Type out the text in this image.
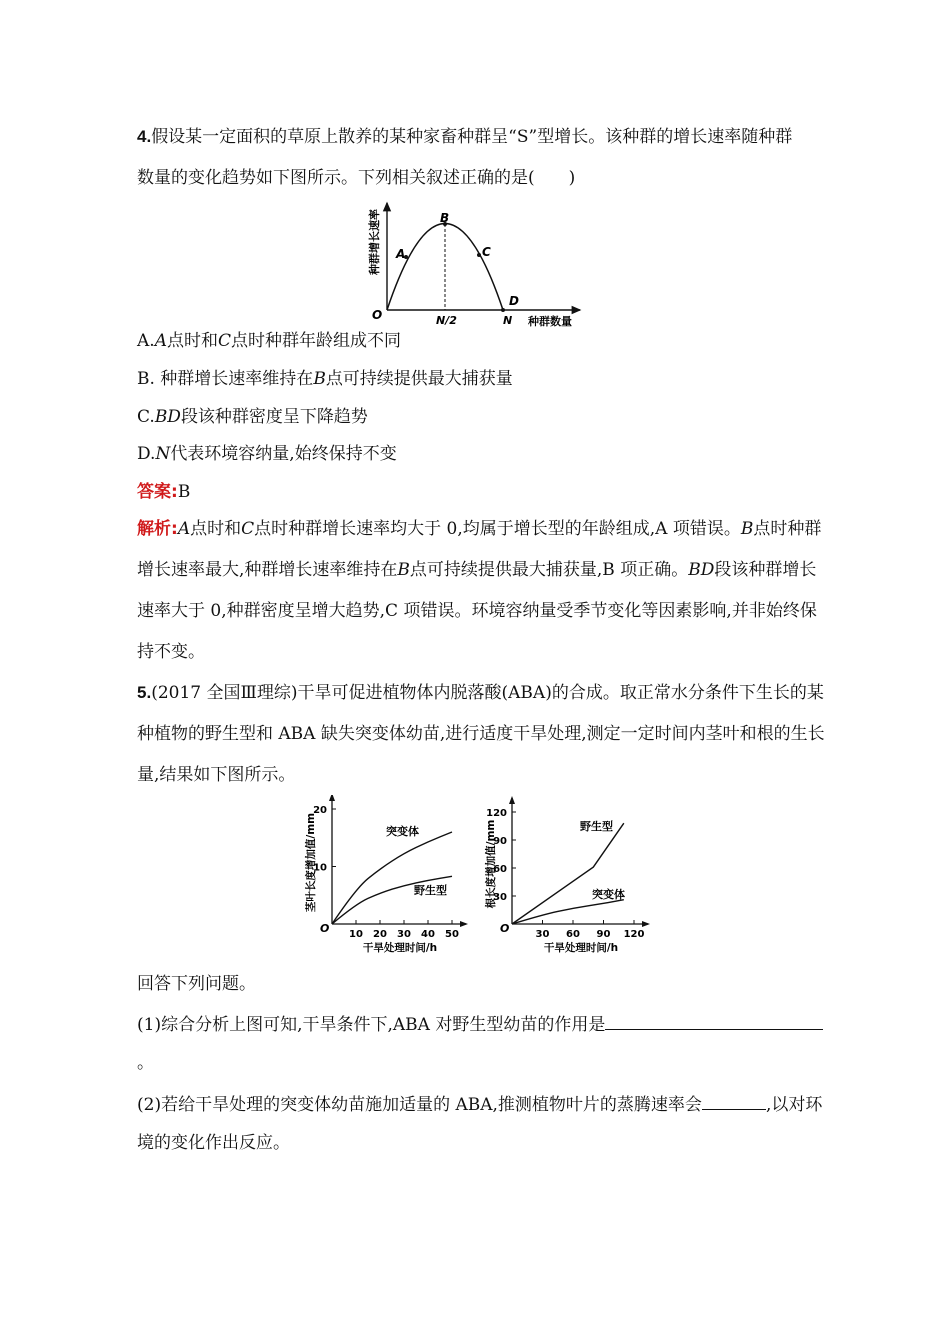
4.假设某一定面积的草原上散养的某种家畜种群呈“S”型增长。该种群的增长速率随种群
数量的变化趋势如下图所示。下列相关叙述正确的是(　　)
A
B
C
D
O	N/2	N 种群数量
种群增长速率
A.A点时和C点时种群年龄组成不同
B. 种群增长速率维持在B点可持续提供最大捕获量
C.BD段该种群密度呈下降趋势
D.N代表环境容纳量,始终保持不变
答案:B
解析:A点时和C点时种群增长速率均大于 0,均属于增长型的年龄组成,A 项错误。B点时种群
增长速率最大,种群增长速率维持在B点可持续提供最大捕获量,B 项正确。BD段该种群增长
速率大于 0,种群密度呈增大趋势,C 项错误。环境容纳量受季节变化等因素影响,并非始终保
持不变。
5.(2017 全国Ⅲ理综)干旱可促进植物体内脱落酸(ABA)的合成。取正常水分条件下生长的某
种植物的野生型和 ABA 缺失突变体幼苗,进行适度干旱处理,测定一定时间内茎叶和根的生长
量,结果如下图所示。
10
20
10 20 30 40 50
O
干旱处理时间/h
茎叶长度增加值/mm	突变体
野生型
30
60
90
120
30 60 90 120
O
干旱处理时间/h
根长度增加值/mm	野生型
突变体
回答下列问题。
(1)综合分析上图可知,干旱条件下,ABA 对野生型幼苗的作用是
。
(2)若给干旱处理的突变体幼苗施加适量的 ABA,推测植物叶片的蒸腾速率会	,以对环
境的变化作出反应。
